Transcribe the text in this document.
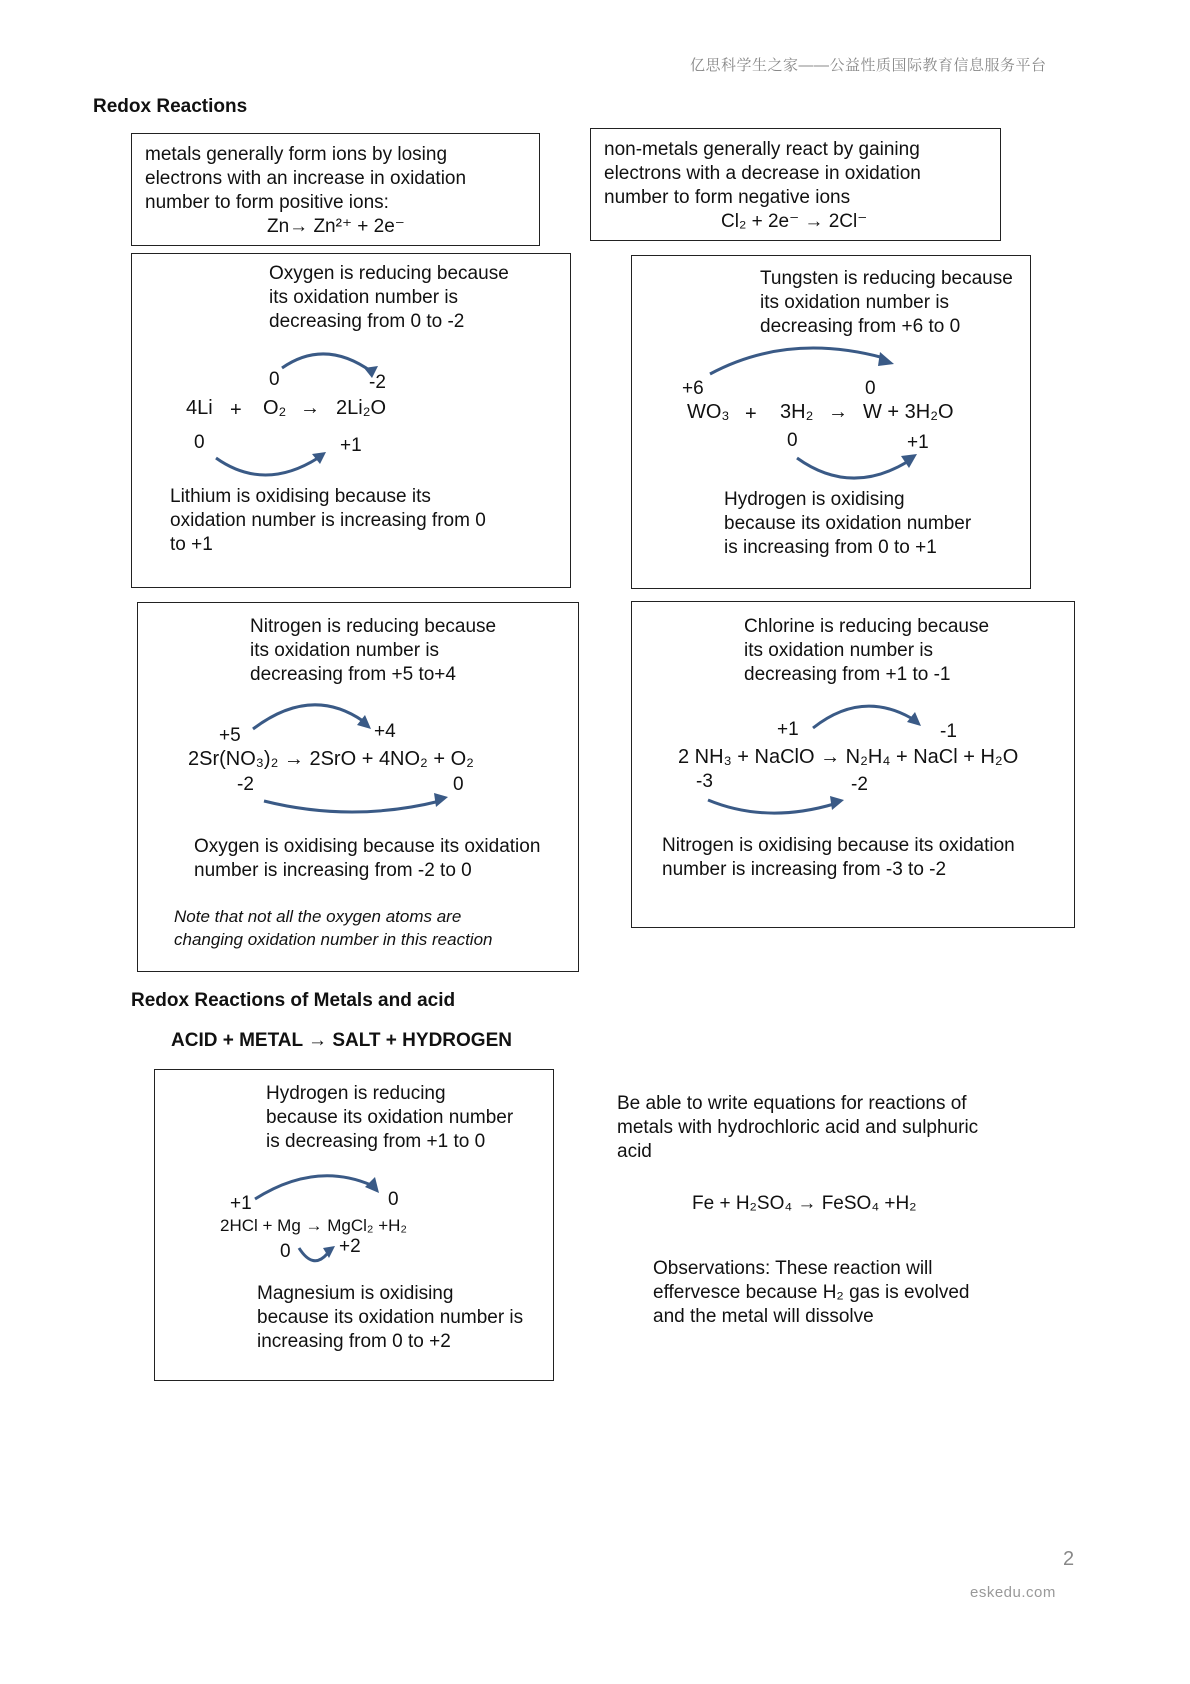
亿思科学生之家——公益性质国际教育信息服务平台
Redox Reactions
metals generally form ions by losing
electrons with an increase in oxidation
number to form positive ions:
Zn→ Zn²⁺ + 2e⁻
non-metals generally react by gaining
electrons with a decrease in oxidation
number to form negative ions
Cl₂ + 2e⁻ → 2Cl⁻
Oxygen is reducing because
its oxidation number is
decreasing from 0 to -2
0	-2
4Li + O₂ → 2Li₂O
0	+1
Lithium is oxidising because its
oxidation number is increasing from 0
to +1
Tungsten is reducing because
its oxidation number is
decreasing from +6 to 0
+6	0
WO₃ + 3H₂ → W + 3H₂O
0	+1
Hydrogen is oxidising
because its oxidation number
is increasing from 0 to +1
Nitrogen is reducing because
its oxidation number is
decreasing from +5 to+4
+5	+4
2Sr(NO₃)₂ → 2SrO + 4NO₂ + O₂
-2	0
Oxygen is oxidising because its oxidation
number is increasing from -2 to 0
Note that not all the oxygen atoms are
changing oxidation number in this reaction
Chlorine is reducing because
its oxidation number is
decreasing from +1 to -1
+1	-1
2 NH₃ + NaClO → N₂H₄ + NaCl + H₂O
-3	-2
Nitrogen is oxidising because its oxidation
number is increasing from -3 to -2
Redox Reactions of Metals and acid
ACID + METAL → SALT + HYDROGEN
Hydrogen is reducing
because its oxidation number
is decreasing from +1 to 0
+1	0
2HCl + Mg → MgCl₂ +H₂
0	+2
Magnesium is oxidising
because its oxidation number is
increasing from 0 to +2
Be able to write equations for reactions of
metals with hydrochloric acid and sulphuric
acid
Fe + H₂SO₄ → FeSO₄ +H₂
Observations: These reaction will
effervesce because H₂ gas is evolved
and the metal will dissolve
2
eskedu.com
